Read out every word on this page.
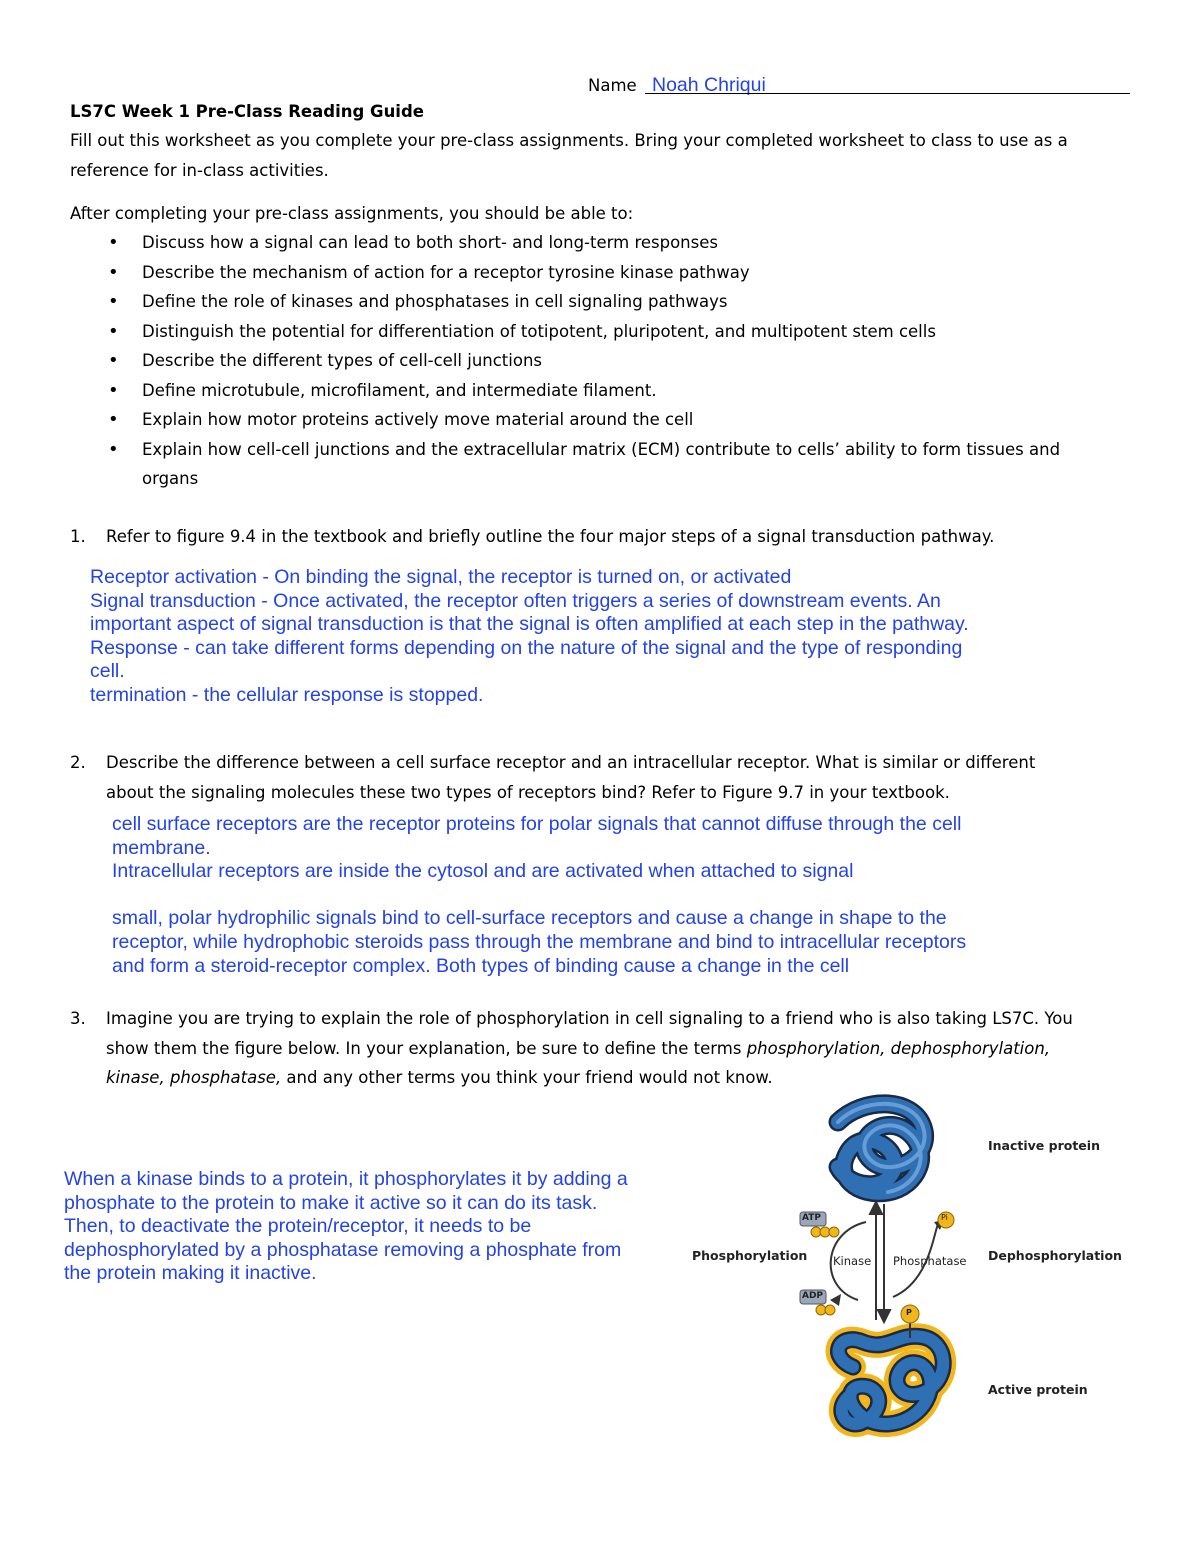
Name Noah Chriqui
LS7C Week 1 Pre-Class Reading Guide
Fill out this worksheet as you complete your pre-class assignments. Bring your completed worksheet to class to use as a reference for in-class activities.
After completing your pre-class assignments, you should be able to:
• Discuss how a signal can lead to both short- and long-term responses
• Describe the mechanism of action for a receptor tyrosine kinase pathway
• Define the role of kinases and phosphatases in cell signaling pathways
• Distinguish the potential for differentiation of totipotent, pluripotent, and multipotent stem cells
• Describe the different types of cell-cell junctions
• Define microtubule, microfilament, and intermediate filament.
• Explain how motor proteins actively move material around the cell
• Explain how cell-cell junctions and the extracellular matrix (ECM) contribute to cells’ ability to form tissues and organs
1.	Refer to figure 9.4 in the textbook and briefly outline the four major steps of a signal transduction pathway.
Receptor activation - On binding the signal, the receptor is turned on, or activated
Signal transduction - Once activated, the receptor often triggers a series of downstream events. An
important aspect of signal transduction is that the signal is often amplified at each step in the pathway.
Response - can take different forms depending on the nature of the signal and the type of responding
cell.
termination - the cellular response is stopped.
2.	Describe the difference between a cell surface receptor and an intracellular receptor. What is similar or different
about the signaling molecules these two types of receptors bind? Refer to Figure 9.7 in your textbook.
cell surface receptors are the receptor proteins for polar signals that cannot diffuse through the cell
membrane.
Intracellular receptors are inside the cytosol and are activated when attached to signal
small, polar hydrophilic signals bind to cell-surface receptors and cause a change in shape to the
receptor, while hydrophobic steroids pass through the membrane and bind to intracellular receptors
and form a steroid-receptor complex. Both types of binding cause a change in the cell
3.	Imagine you are trying to explain the role of phosphorylation in cell signaling to a friend who is also taking LS7C. You
show them the figure below. In your explanation, be sure to define the terms phosphorylation, dephosphorylation,
kinase, phosphatase, and any other terms you think your friend would not know.
When a kinase binds to a protein, it phosphorylates it by adding a
phosphate to the protein to make it active so it can do its task.
Then, to deactivate the protein/receptor, it needs to be
dephosphorylated by a phosphatase removing a phosphate from
the protein making it inactive.
Inactive protein
Phosphorylation	Dephosphorylation
Kinase Phosphatase
ATP
ADP
Pi
P
Active protein
